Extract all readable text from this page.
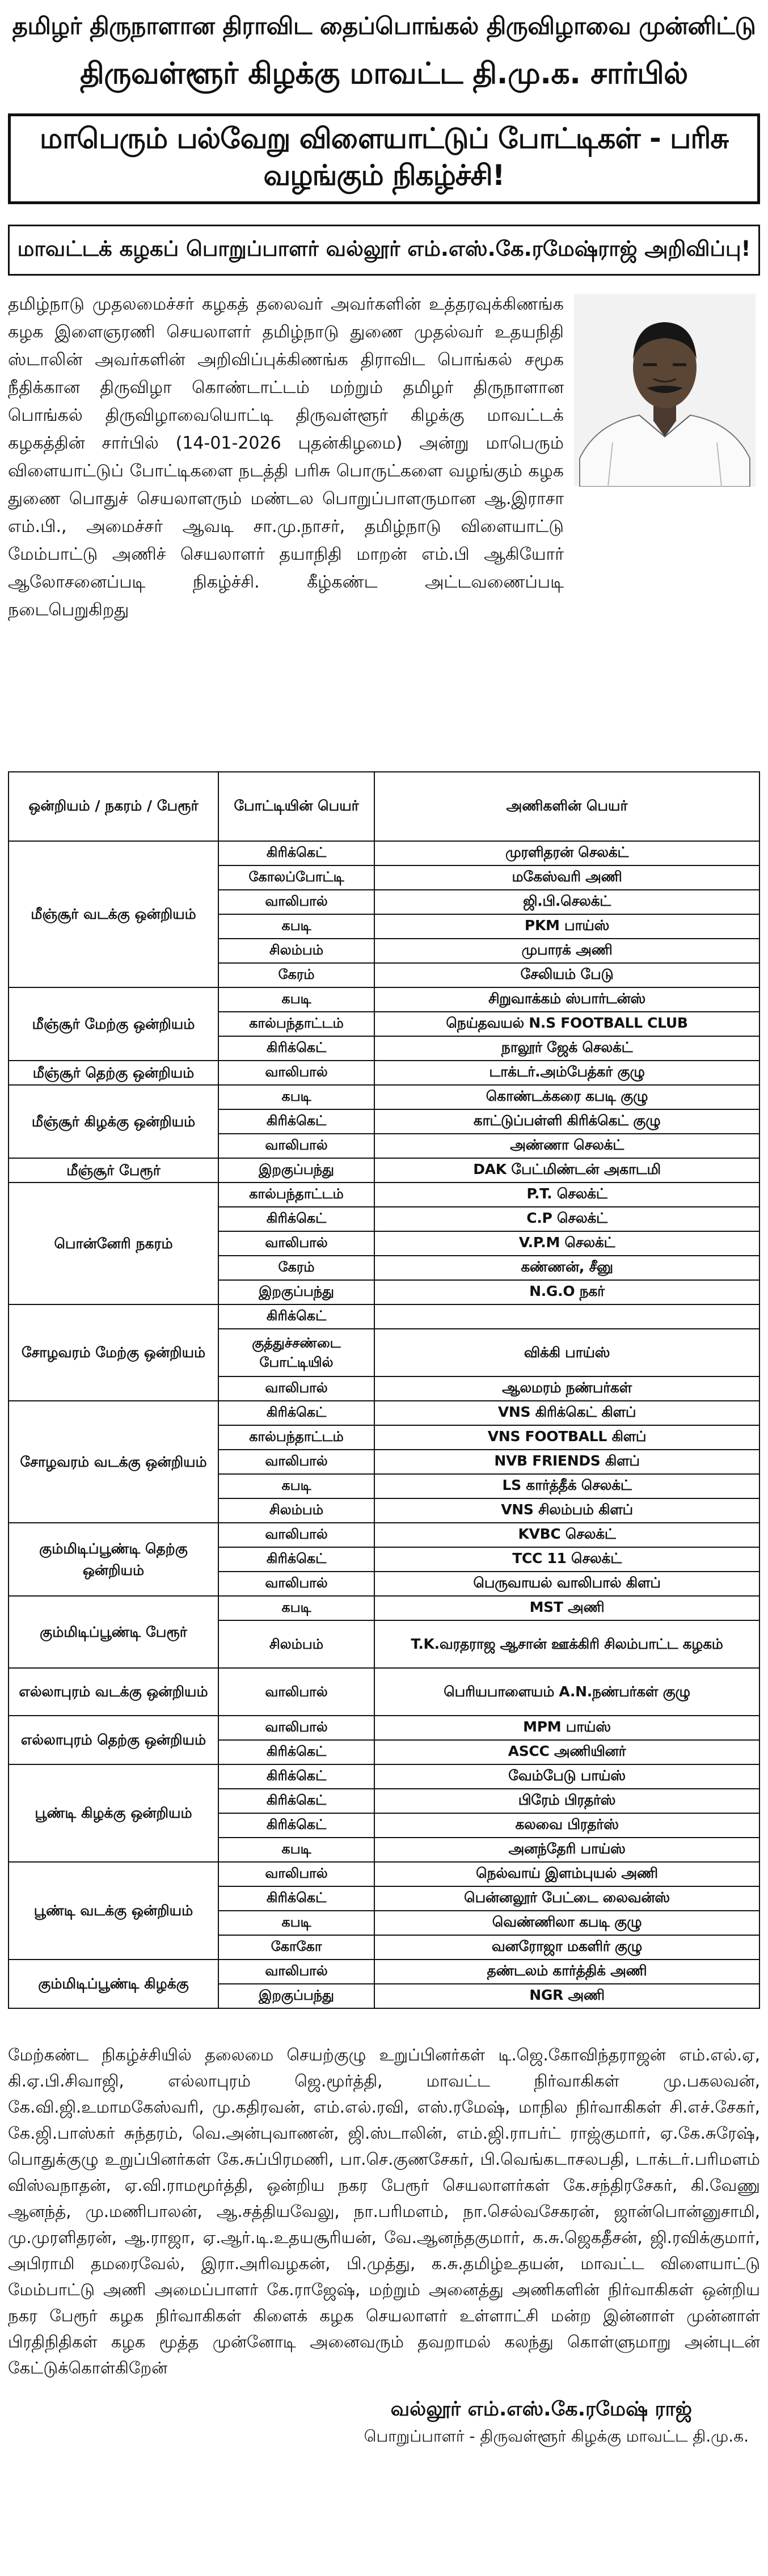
தமிழர் திருநாளான திராவிட தைப்பொங்கல் திருவிழாவை முன்னிட்டு
திருவள்ளூர் கிழக்கு மாவட்ட தி.மு.க. சார்பில்
மாபெரும் பல்வேறு விளையாட்டுப் போட்டிகள் - பரிசு வழங்கும் நிகழ்ச்சி!
மாவட்டக் கழகப் பொறுப்பாளர் வல்லூர் எம்.எஸ்.கே.ரமேஷ்ராஜ் அறிவிப்பு!

தமிழ்நாடு முதலமைச்சர் கழகத் தலைவர் அவர்களின் உத்தரவுக்கிணங்க கழக இளைஞரணி செயலாளர் தமிழ்நாடு துணை முதல்வர் உதயநிதி ஸ்டாலின் அவர்களின் அறிவிப்புக்கிணங்க திராவிட பொங்கல் சமூக நீதிக்கான திருவிழா கொண்டாட்டம் மற்றும் தமிழர் திருநாளான பொங்கல் திருவிழாவையொட்டி திருவள்ளூர் கிழக்கு மாவட்டக் கழகத்தின் சார்பில் (14-01-2026 புதன்கிழமை) அன்று மாபெரும் விளையாட்டுப் போட்டிகளை நடத்தி பரிசு பொருட்களை வழங்கும் கழக துணை பொதுச் செயலாளரும் மண்டல பொறுப்பாளருமான ஆ.இராசா எம்.பி., அமைச்சர் ஆவடி சா.மு.நாசர், தமிழ்நாடு விளையாட்டு மேம்பாட்டு அணிச் செயலாளர் தயாநிதி மாறன் எம்.பி ஆகியோர் ஆலோசனைப்படி நிகழ்ச்சி. கீழ்கண்ட அட்டவணைப்படி நடைபெறுகிறது

ஒன்றியம் / நகரம் / பேரூர்	போட்டியின் பெயர்	அணிகளின் பெயர்
மீஞ்சூர் வடக்கு ஒன்றியம்	கிரிக்கெட்	முரளிதரன் செலக்ட்
	கோலப்போட்டி	மகேஸ்வரி அணி
	வாலிபால்	ஜி.பி.செலக்ட்
	கபடி	PKM பாய்ஸ்
	சிலம்பம்	முபாரக் அணி
	கேரம்	சேலியம் பேடு
மீஞ்சூர் மேற்கு ஒன்றியம்	கபடி	சிறுவாக்கம் ஸ்பார்டன்ஸ்
	கால்பந்தாட்டம்	நெய்தவயல் N.S FOOTBALL CLUB
	கிரிக்கெட்	நாலூர் ஜேக் செலக்ட்
மீஞ்சூர் தெற்கு ஒன்றியம்	வாலிபால்	டாக்டர்.அம்பேத்கர் குழு
மீஞ்சூர் கிழக்கு ஒன்றியம்	கபடி	கொண்டக்கரை கபடி குழு
	கிரிக்கெட்	காட்டுப்பள்ளி கிரிக்கெட் குழு
	வாலிபால்	அண்ணா செலக்ட்
மீஞ்சூர் பேரூர்	இறகுப்பந்து	DAK பேட்மிண்டன் அகாடமி
பொன்னேரி நகரம்	கால்பந்தாட்டம்	P.T. செலக்ட்
	கிரிக்கெட்	C.P செலக்ட்
	வாலிபால்	V.P.M செலக்ட்
	கேரம்	கண்ணன், சீனு
	இறகுப்பந்து	N.G.O நகர்
சோழவரம் மேற்கு ஒன்றியம்	கிரிக்கெட்	
	குத்துச்சண்டை போட்டியில்	விக்கி பாய்ஸ்
	வாலிபால்	ஆலமரம் நண்பர்கள்
சோழவரம் வடக்கு ஒன்றியம்	கிரிக்கெட்	VNS கிரிக்கெட் கிளப்
	கால்பந்தாட்டம்	VNS FOOTBALL கிளப்
	வாலிபால்	NVB FRIENDS கிளப்
	கபடி	LS கார்த்தீக் செலக்ட்
	சிலம்பம்	VNS சிலம்பம் கிளப்
கும்மிடிப்பூண்டி தெற்கு ஒன்றியம்	வாலிபால்	KVBC செலக்ட்
	கிரிக்கெட்	TCC 11 செலக்ட்
	வாலிபால்	பெருவாயல் வாலிபால் கிளப்
கும்மிடிப்பூண்டி பேரூர்	கபடி	MST அணி
	சிலம்பம்	T.K.வரதராஜ ஆசான் ஊக்கிரி சிலம்பாட்ட கழகம்
எல்லாபுரம் வடக்கு ஒன்றியம்	வாலிபால்	பெரியபாளையம் A.N.நண்பர்கள் குழு
எல்லாபுரம் தெற்கு ஒன்றியம்	வாலிபால்	MPM பாய்ஸ்
	கிரிக்கெட்	ASCC அணியினர்
பூண்டி கிழக்கு ஒன்றியம்	கிரிக்கெட்	வேம்பேடு பாய்ஸ்
	கிரிக்கெட்	பிரேம் பிரதர்ஸ்
	கிரிக்கெட்	கலவை பிரதர்ஸ்
	கபடி	அனந்தேரி பாய்ஸ்
பூண்டி வடக்கு ஒன்றியம்	வாலிபால்	நெல்வாய் இளம்புயல் அணி
	கிரிக்கெட்	பென்னலூர் பேட்டை லைவன்ஸ்
	கபடி	வெண்ணிலா கபடி குழு
	கோகோ	வனரோஜா மகளிர் குழு
கும்மிடிப்பூண்டி கிழக்கு	வாலிபால்	தண்டலம் கார்த்திக் அணி
	இறகுப்பந்து	NGR அணி
மேற்கண்ட நிகழ்ச்சியில் தலைமை செயற்குழு உறுப்பினர்கள் டி.ஜெ.கோவிந்தராஜன் எம்.எல்.ஏ, கி.ஏ.பி.சிவாஜி, எல்லாபுரம் ஜெ.மூர்த்தி, மாவட்ட நிர்வாகிகள் மு.பகலவன், கே.வி.ஜி.உமாமகேஸ்வரி, மு.கதிரவன், எம்.எல்.ரவி, எஸ்.ரமேஷ், மாநில நிர்வாகிகள் சி.எச்.சேகர், கே.ஜி.பாஸ்கர் சுந்தரம், வெ.அன்புவாணன், ஜி.ஸ்டாலின், எம்.ஜி.ராபர்ட் ராஜ்குமார், ஏ.கே.சுரேஷ், பொதுக்குழு உறுப்பினர்கள் கே.சுப்பிரமணி, பா.செ.குணசேகர், பி.வெங்கடாசலபதி, டாக்டர்.பரிமளம் விஸ்வநாதன், ஏ.வி.ராமமூர்த்தி, ஒன்றிய நகர பேரூர் செயலாளர்கள் கே.சந்திரசேகர், கி.வேணு ஆனந்த், மு.மணிபாலன், ஆ.சத்தியவேலு, நா.பரிமளம், நா.செல்வசேகரன், ஜான்பொன்னுசாமி, மு.முரளிதரன், ஆ.ராஜா, ஏ.ஆர்.டி.உதயசூரியன், வே.ஆனந்தகுமார், க.சு.ஜெகதீசன், ஜி.ரவிக்குமார், அபிராமி தமரைவேல், இரா.அரிவழகன், பி.முத்து, க.சு.தமிழ்உதயன், மாவட்ட விளையாட்டு மேம்பாட்டு அணி அமைப்பாளர் கே.ராஜேஷ், மற்றும் அனைத்து அணிகளின் நிர்வாகிகள் ஒன்றிய நகர பேரூர் கழக நிர்வாகிகள் கிளைக் கழக செயலாளர் உள்ளாட்சி மன்ற இன்னாள் முன்னாள் பிரதிநிதிகள் கழக மூத்த முன்னோடி அனைவரும் தவறாமல் கலந்து கொள்ளுமாறு அன்புடன் கேட்டுக்கொள்கிறேன்
வல்லூர் எம்.எஸ்.கே.ரமேஷ் ராஜ்
பொறுப்பாளர் - திருவள்ளூர் கிழக்கு மாவட்ட தி.மு.க.
